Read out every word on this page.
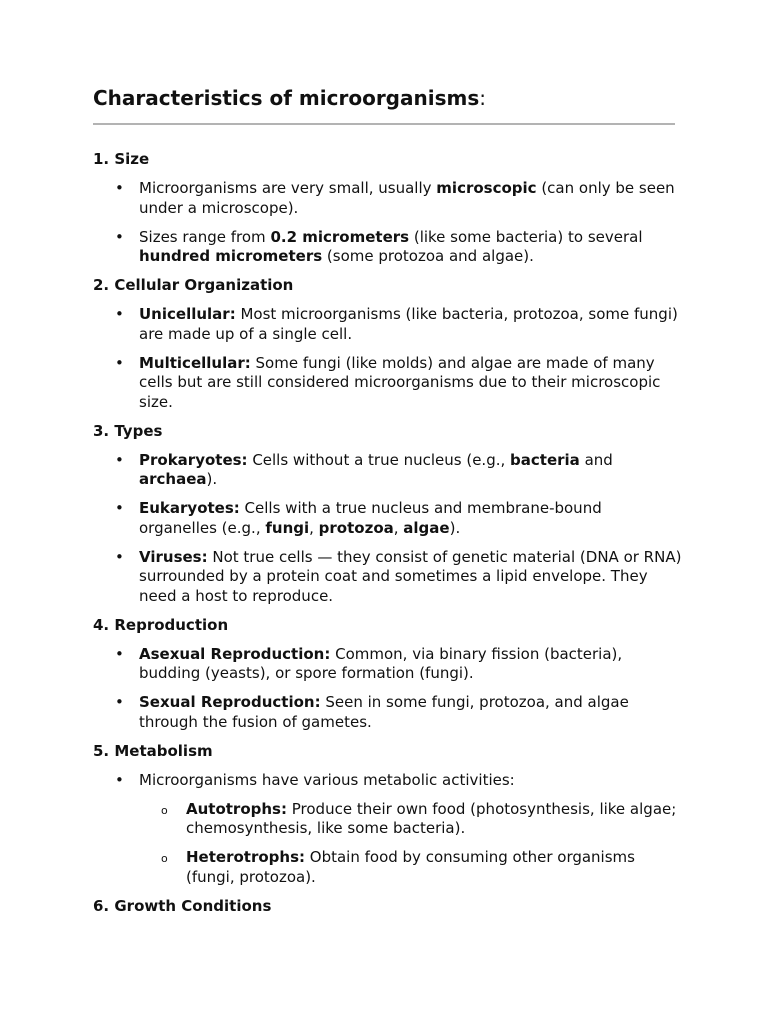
Characteristics of microorganisms:

1. Size

• Microorganisms are very small, usually microscopic (can only be seen under a microscope).
• Sizes range from 0.2 micrometers (like some bacteria) to several hundred micrometers (some protozoa and algae).

2. Cellular Organization

• Unicellular: Most microorganisms (like bacteria, protozoa, some fungi) are made up of a single cell.
• Multicellular: Some fungi (like molds) and algae are made of many cells but are still considered microorganisms due to their microscopic size.

3. Types

• Prokaryotes: Cells without a true nucleus (e.g., bacteria and archaea).
• Eukaryotes: Cells with a true nucleus and membrane-bound organelles (e.g., fungi, protozoa, algae).
• Viruses: Not true cells — they consist of genetic material (DNA or RNA) surrounded by a protein coat and sometimes a lipid envelope. They need a host to reproduce.

4. Reproduction

• Asexual Reproduction: Common, via binary fission (bacteria), budding (yeasts), or spore formation (fungi).
• Sexual Reproduction: Seen in some fungi, protozoa, and algae through the fusion of gametes.

5. Metabolism

• Microorganisms have various metabolic activities:
o Autotrophs: Produce their own food (photosynthesis, like algae; chemosynthesis, like some bacteria).
o Heterotrophs: Obtain food by consuming other organisms (fungi, protozoa).

6. Growth Conditions
